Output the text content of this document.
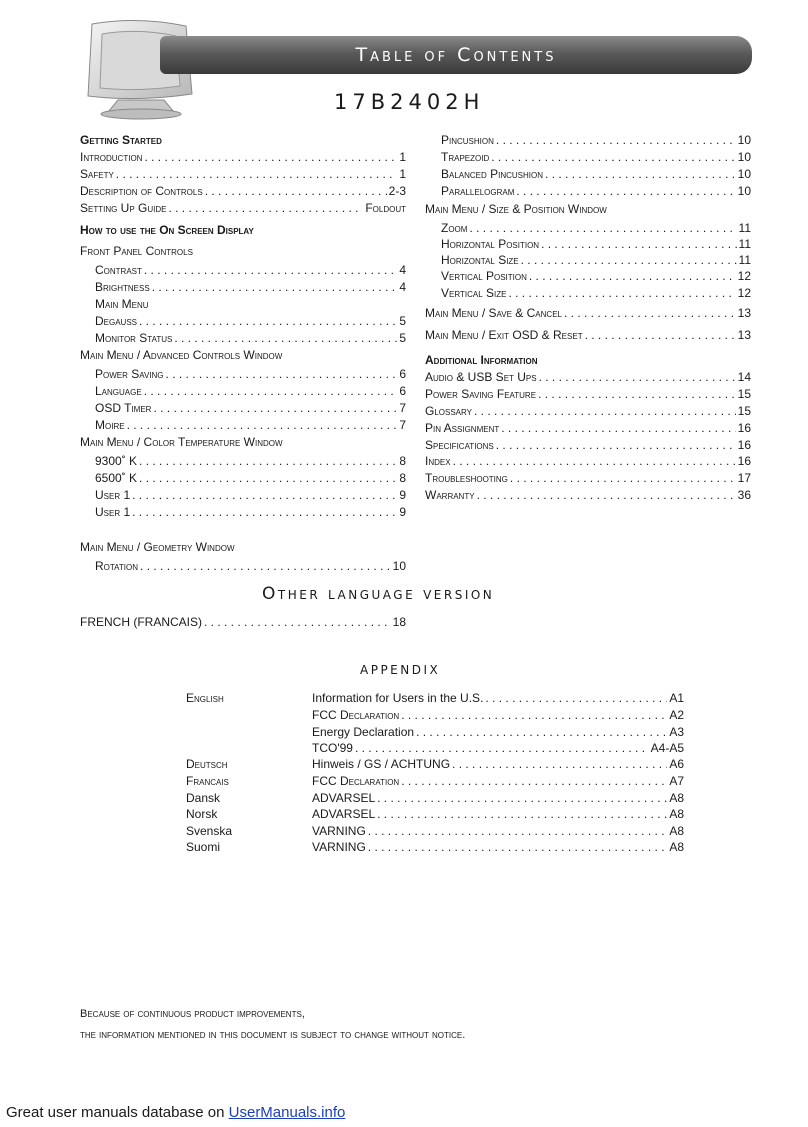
Table of Contents
17B2402H
Getting Started
Introduction . . .	1
Safety . . .	1
Description of Controls . . .	2-3
Setting Up Guide . . .	Foldout
How to use the On Screen Display
Front Panel Controls
Contrast . . .	4
Brightness . . .	4
Main Menu
Degauss . . .	5
Monitor Status . . .	5
Main Menu / Advanced Controls Window
Power Saving . . .	6
Language . . .	6
OSD Timer . . .	7
Moire . . .	7
Main Menu / Color Temperature Window
9300˚ K . . .	8
6500˚ K . . .	8
User 1 . . .	9
User 1 . . .	9
Main Menu / Geometry Window
Rotation . . .	10
Pincushion . . .	10
Trapezoid . . .	10
Balanced Pincushion . . .	10
Parallelogram . . .	10
Main Menu / Size & Position Window
Zoom . . .	11
Horizontal Position . . .	11
Horizontal Size . . .	11
Vertical Position . . .	12
Vertical Size . . .	12
Main Menu / Save & Cancel . . .	13
Main Menu / Exit OSD & Reset . . .	13
Additional Information
Audio & USB Set Ups . . .	14
Power Saving Feature . . .	15
Glossary . . .	15
Pin Assignment . . .	16
Specifications . . .	16
Index . . .	16
Troubleshooting . . .	17
Warranty . . .	36
Other language version
FRENCH (FRANCAIS) . . .	18
appendix
English	Information for Users in the U.S. . . .	A1
FCC Declaration . . .	A2
Energy Declaration . . .	A3
TCO'99 . . .	A4-A5
Deutsch	Hinweis / GS / ACHTUNG . . .	A6
Francais	FCC Declaration . . .	A7
Dansk	ADVARSEL . . .	A8
Norsk	ADVARSEL . . .	A8
Svenska	VARNING . . .	A8
Suomi	VARNING . . .	A8
Because of continuous product improvements,
the information mentioned in this document is subject to change without notice.
Great user manuals database on UserManuals.info
